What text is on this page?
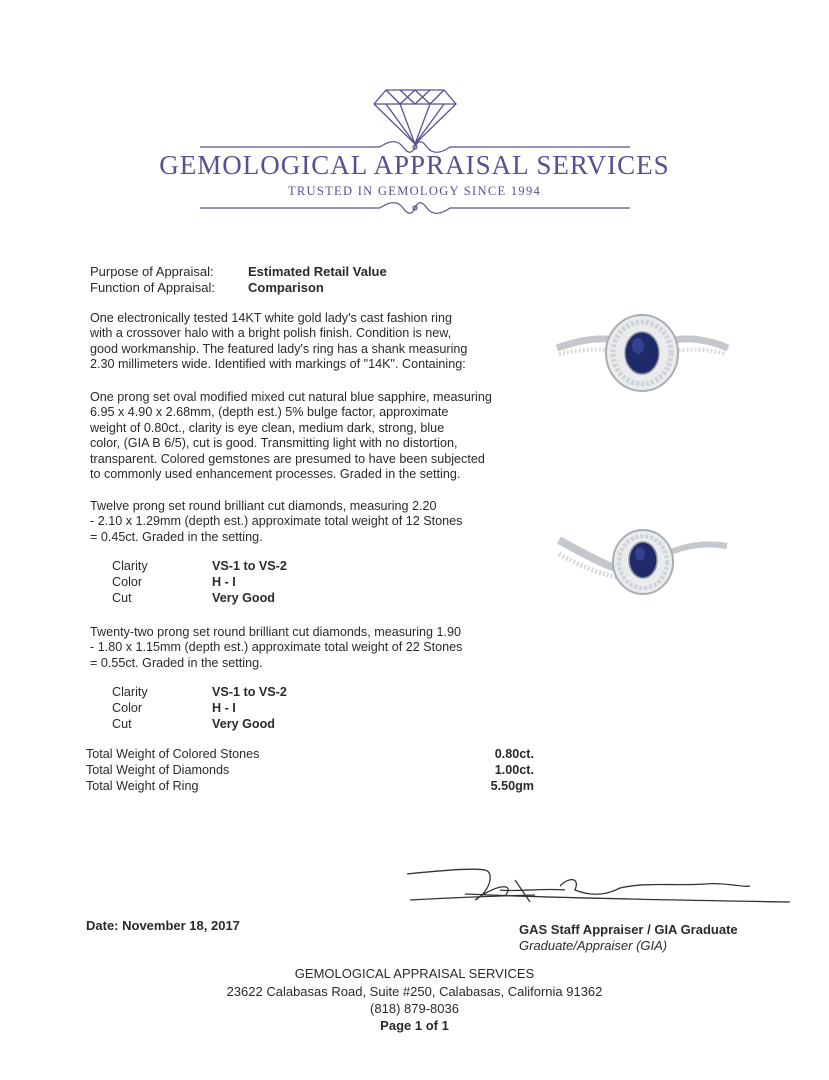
GEMOLOGICAL APPRAISAL SERVICES
TRUSTED IN GEMOLOGY SINCE 1994
Purpose of Appraisal:	Estimated Retail Value
Function of Appraisal:	Comparison
One electronically tested 14KT white gold lady's cast fashion ring
with a crossover halo with a bright polish finish. Condition is new,
good workmanship. The featured lady's ring has a shank measuring
2.30 millimeters wide. Identified with markings of "14K". Containing:
One prong set oval modified mixed cut natural blue sapphire, measuring
6.95 x 4.90 x 2.68mm, (depth est.) 5% bulge factor, approximate
weight of 0.80ct., clarity is eye clean, medium dark, strong, blue
color, (GIA B 6/5), cut is good. Transmitting light with no distortion,
transparent. Colored gemstones are presumed to have been subjected
to commonly used enhancement processes. Graded in the setting.
Twelve prong set round brilliant cut diamonds, measuring 2.20
- 2.10 x 1.29mm (depth est.) approximate total weight of 12 Stones
= 0.45ct. Graded in the setting.
Clarity	VS-1 to VS-2
Color	H - I
Cut	Very Good
Twenty-two prong set round brilliant cut diamonds, measuring 1.90
- 1.80 x 1.15mm (depth est.) approximate total weight of 22 Stones
= 0.55ct. Graded in the setting.
Clarity	VS-1 to VS-2
Color	H - I
Cut	Very Good
Total Weight of Colored Stones	0.80ct.
Total Weight of Diamonds	1.00ct.
Total Weight of Ring	5.50gm
Date: November 18, 2017	GAS Staff Appraiser / GIA Graduate
Graduate/Appraiser (GIA)
GEMOLOGICAL APPRAISAL SERVICES
23622 Calabasas Road, Suite #250, Calabasas, California 91362
(818) 879-8036
Page 1 of 1
